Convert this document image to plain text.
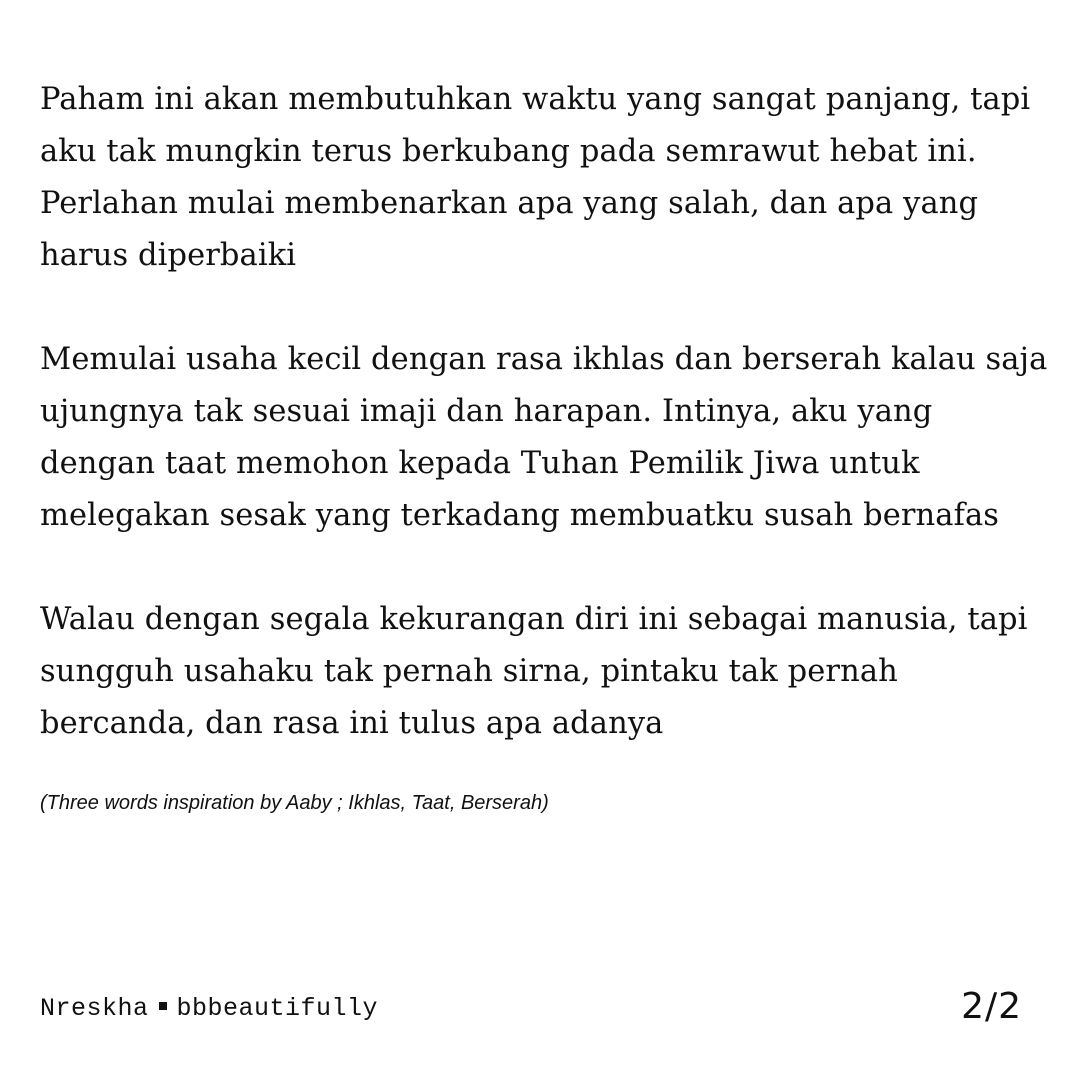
Paham ini akan membutuhkan waktu yang sangat panjang, tapi aku tak mungkin terus berkubang pada semrawut hebat ini. Perlahan mulai membenarkan apa yang salah, dan apa yang harus diperbaiki

Memulai usaha kecil dengan rasa ikhlas dan berserah kalau saja ujungnya tak sesuai imaji dan harapan. Intinya, aku yang dengan taat memohon kepada Tuhan Pemilik Jiwa untuk melegakan sesak yang terkadang membuatku susah bernafas

Walau dengan segala kekurangan diri ini sebagai manusia, tapi sungguh usahaku tak pernah sirna, pintaku tak pernah bercanda, dan rasa ini tulus apa adanya

(Three words inspiration by Aaby ; Ikhlas, Taat, Berserah)
Nreskha bbbeautifully	2/2
